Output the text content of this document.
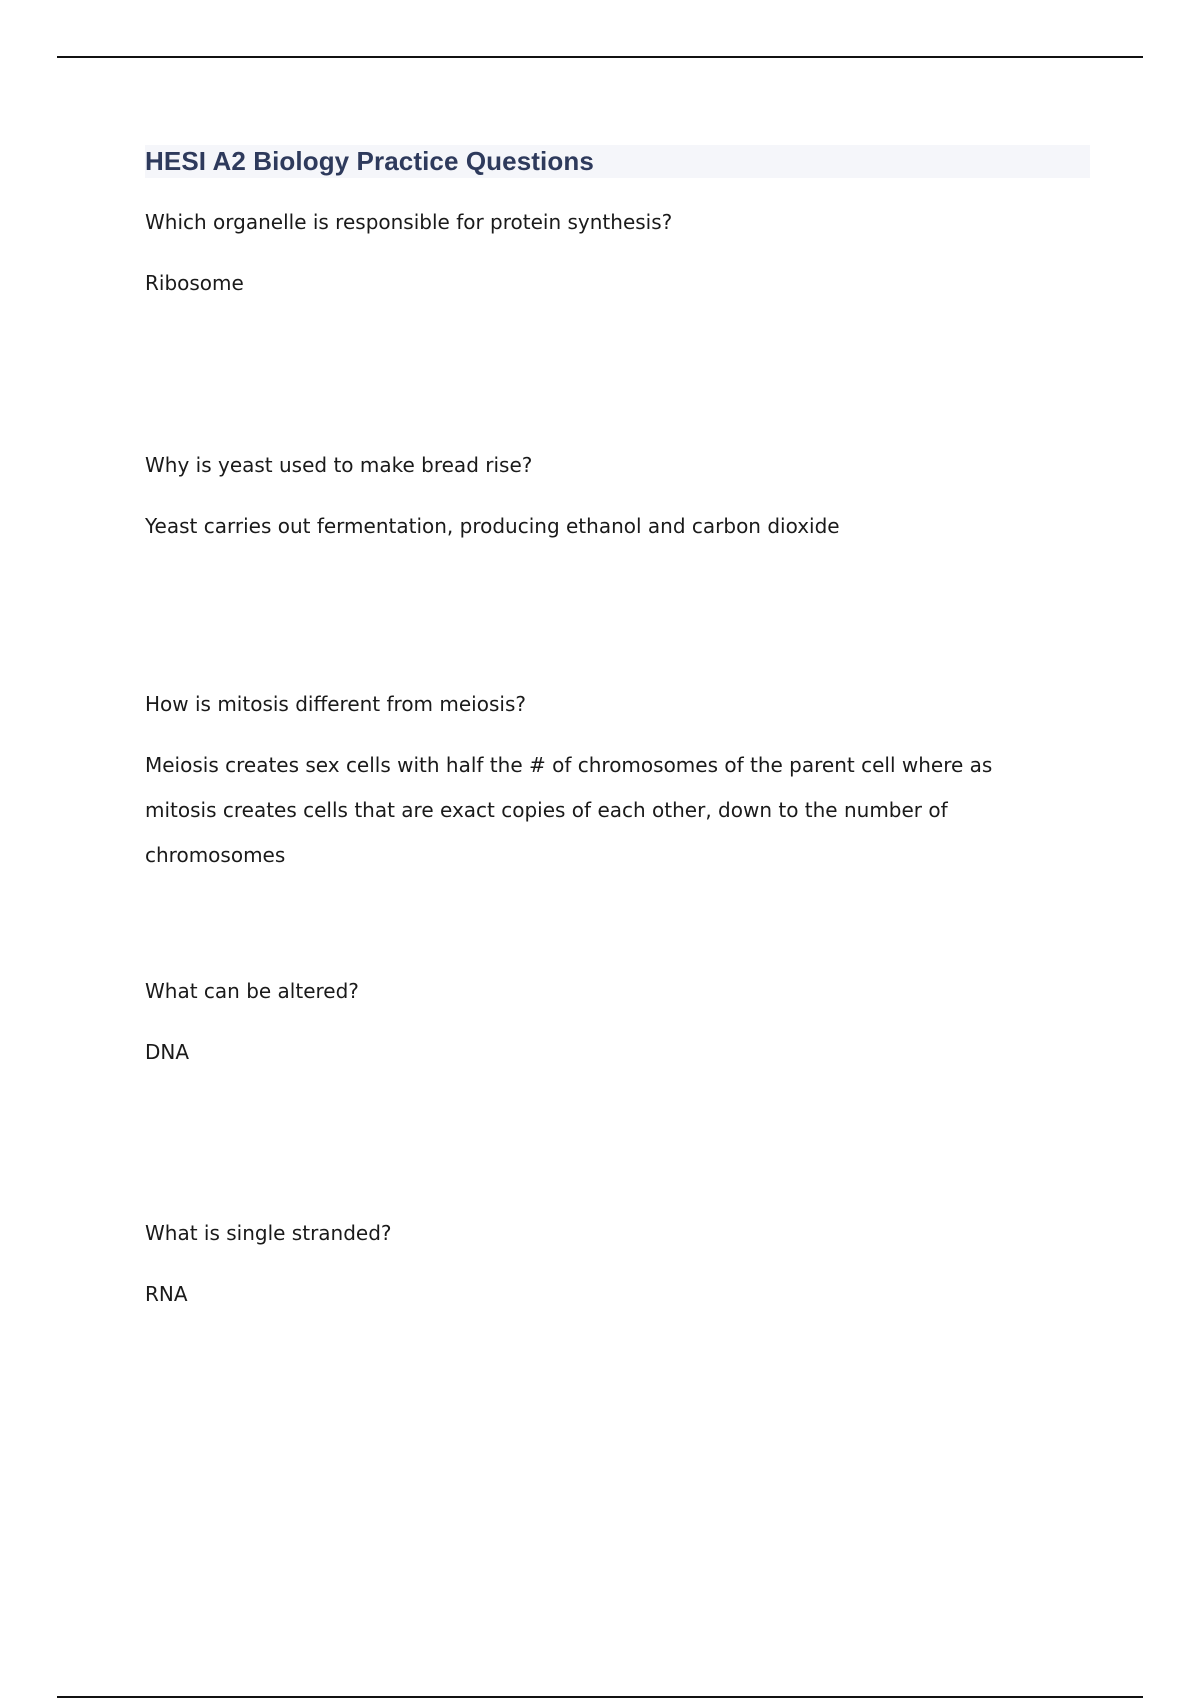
HESI A2 Biology Practice Questions

Which organelle is responsible for protein synthesis?

Ribosome

Why is yeast used to make bread rise?

Yeast carries out fermentation, producing ethanol and carbon dioxide

How is mitosis different from meiosis?

Meiosis creates sex cells with half the # of chromosomes of the parent cell where as mitosis creates cells that are exact copies of each other, down to the number of chromosomes

What can be altered?

DNA

What is single stranded?

RNA
